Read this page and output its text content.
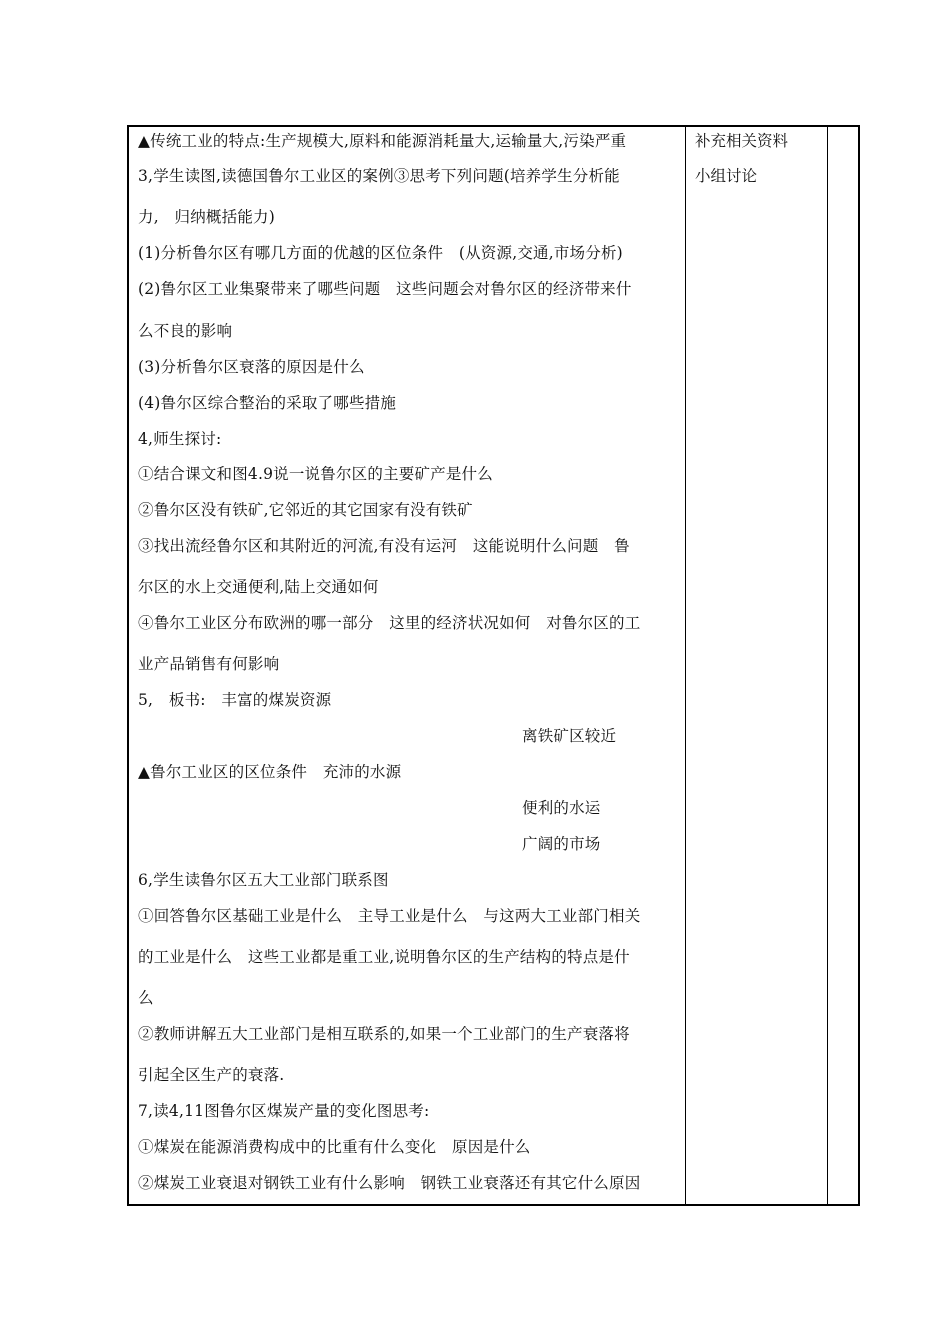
▲传统工业的特点:生产规模大,原料和能源消耗量大,运输量大,污染严重
3,学生读图,读德国鲁尔工业区的案例③思考下列问题(培养学生分析能
力,　归纳概括能力)
(1)分析鲁尔区有哪几方面的优越的区位条件　(从资源,交通,市场分析)
(2)鲁尔区工业集聚带来了哪些问题　这些问题会对鲁尔区的经济带来什
么不良的影响
(3)分析鲁尔区衰落的原因是什么
(4)鲁尔区综合整治的采取了哪些措施
4,师生探讨:
①结合课文和图4.9说一说鲁尔区的主要矿产是什么
②鲁尔区没有铁矿,它邻近的其它国家有没有铁矿
③找出流经鲁尔区和其附近的河流,有没有运河　这能说明什么问题　鲁
尔区的水上交通便利,陆上交通如何
④鲁尔工业区分布欧洲的哪一部分　这里的经济状况如何　对鲁尔区的工
业产品销售有何影响
5,　板书:　丰富的煤炭资源
离铁矿区较近
▲鲁尔工业区的区位条件　充沛的水源
便利的水运
广阔的市场
6,学生读鲁尔区五大工业部门联系图
①回答鲁尔区基础工业是什么　主导工业是什么　与这两大工业部门相关
的工业是什么　这些工业都是重工业,说明鲁尔区的生产结构的特点是什
么
②教师讲解五大工业部门是相互联系的,如果一个工业部门的生产衰落将
引起全区生产的衰落.
7,读4,11图鲁尔区煤炭产量的变化图思考:
①煤炭在能源消费构成中的比重有什么变化　原因是什么
②煤炭工业衰退对钢铁工业有什么影响　钢铁工业衰落还有其它什么原因
补充相关资料
小组讨论
